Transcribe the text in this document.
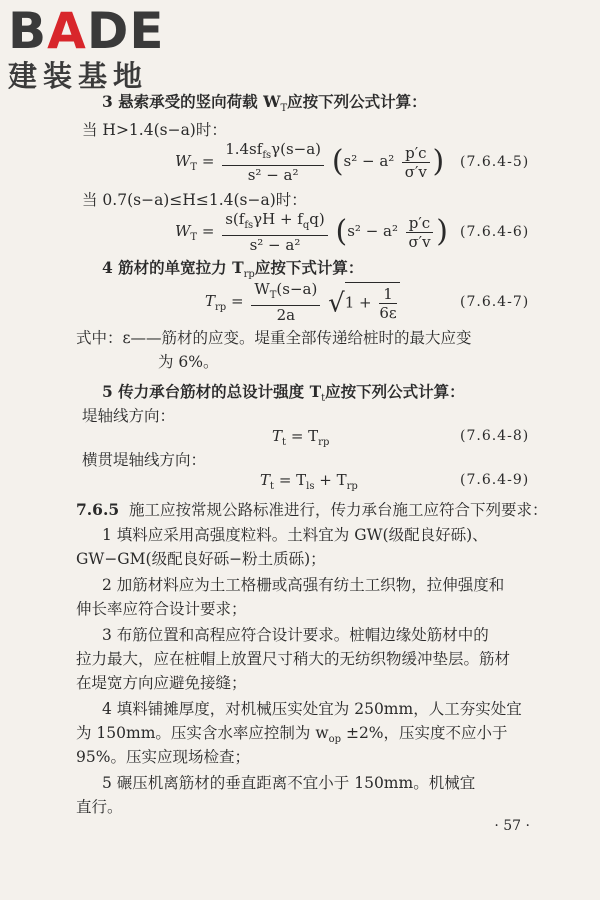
BADE
建装基地
3 悬索承受的竖向荷载 $W_T$应按下列公式计算：
当 H>1.4(s−a)时：
$W_T = \frac{1.4sf_{fs}\gamma(s-a)}{\text{s² − a²}} (s^2 - a^2 \frac{p'c}{\sigma'v}$ ) (7.6.4-5)
当 0.7(s−a)≤H≤1.4(s−a)时：
$W_T = \frac{s(f_{fs}\gamma H + f_qq)}{\text{s² − a²}} (s^2 - a^2 \frac{p'c}{\sigma'v}$ ) (7.6.4-6)
4 筋材的单宽拉力 $T_{rp}$应按下式计算：
$T_{rp} = \frac{W_T(s-a)}{2a} √1 + \frac{1}{6\varepsilon}$	(7.6.4-7)
式中：ε——筋材的应变。堤重全部传递给桩时的最大应变
为 6%。
5 传力承台筋材的总设计强度 $T_t$应按下列公式计算：
堤轴线方向：
$T_t = T_{rp}$	(7.6.4-8)
横贯堤轴线方向：
$T_t = T_{ls} + T_{rp}$	(7.6.4-9)
7.6.5 施工应按常规公路标准进行，传力承台施工应符合下列要求：
1 填料应采用高强度粒料。土料宜为 GW(级配良好砾)、
GW−GM(级配良好砾−粉土质砾)；
2 加筋材料应为土工格栅或高强有纺土工织物，拉伸强度和
伸长率应符合设计要求；
3 布筋位置和高程应符合设计要求。桩帽边缘处筋材中的
拉力最大，应在桩帽上放置尺寸稍大的无纺织物缓冲垫层。筋材
在堤宽方向应避免接缝；
4 填料铺摊厚度，对机械压实处宜为 250mm，人工夯实处宜
为 150mm。压实含水率应控制为 $w_{op} \pm 2\%$，压实度不应小于
95%。压实应现场检查；
5 碾压机离筋材的垂直距离不宜小于 150mm。机械宜
直行。
· 57 ·
